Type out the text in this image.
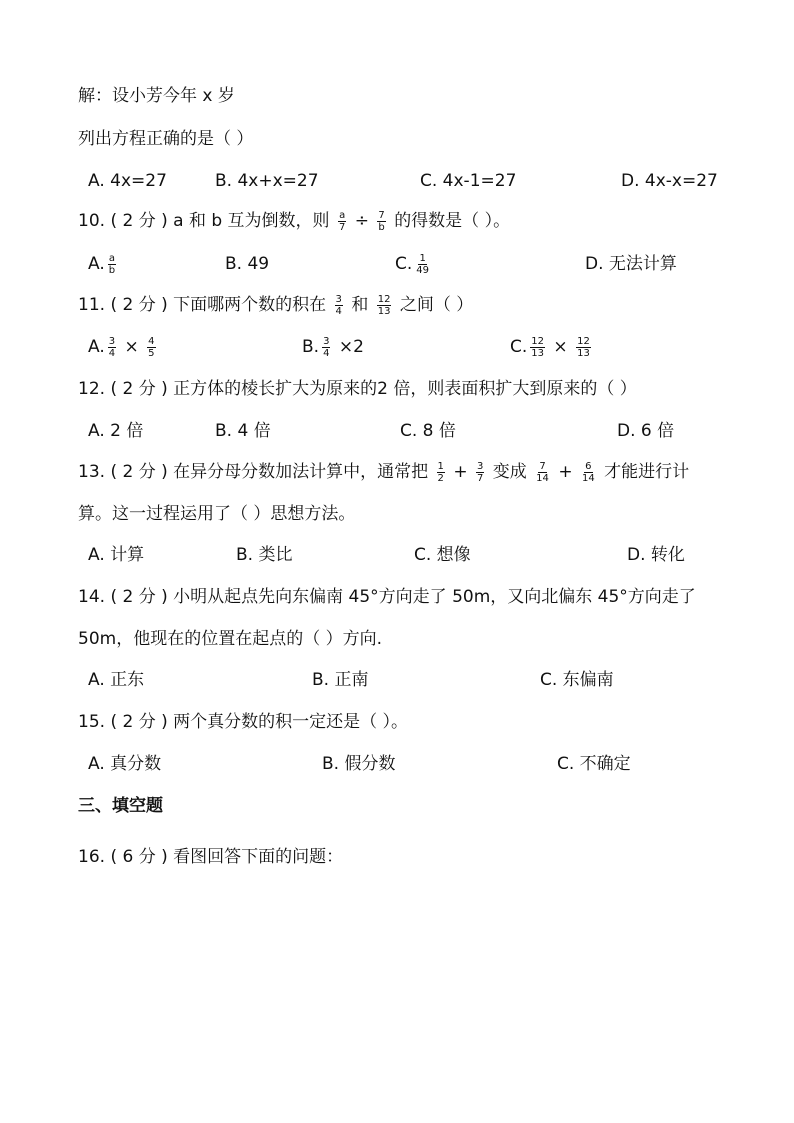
解：设小芳今年 x 岁
列出方程正确的是（ ）
A. 4x=27	B. 4x+x=27	C. 4x-1=27	D. 4x-x=27
10. ( 2 分 ) a 和 b 互为倒数，则 $\frac{a}{7} \div \frac{7}{b}$ 的得数是（ ）。
A. $\frac{a}{b}$	B. 49	C. $\frac{1}{49}$	D. 无法计算
11. ( 2 分 ) 下面哪两个数的积在 $\frac{3}{4}$ 和 $\frac{12}{13}$ 之间（ ）
A. $\frac{3}{4} \times \frac{4}{5}$	B. $\frac{3}{4} \times 2$	C. $\frac{12}{13} \times \frac{12}{13}$
12. ( 2 分 ) 正方体的棱长扩大为原来的2 倍，则表面积扩大到原来的（ ）
A. 2 倍	B. 4 倍	C. 8 倍	D. 6 倍
13. ( 2 分 ) 在异分母分数加法计算中，通常把 $\frac{1}{2} + \frac{3}{7}$ 变成 $\frac{7}{14} + \frac{6}{14}$ 才能进行计
算。这一过程运用了（ ）思想方法。
A. 计算	B. 类比	C. 想像	D. 转化
14. ( 2 分 ) 小明从起点先向东偏南 45°方向走了 50m，又向北偏东 45°方向走了
50m，他现在的位置在起点的（ ）方向.
A. 正东	B. 正南	C. 东偏南
15. ( 2 分 ) 两个真分数的积一定还是（ ）。
A. 真分数	B. 假分数	C. 不确定
三、填空题
16. ( 6 分 ) 看图回答下面的问题：
